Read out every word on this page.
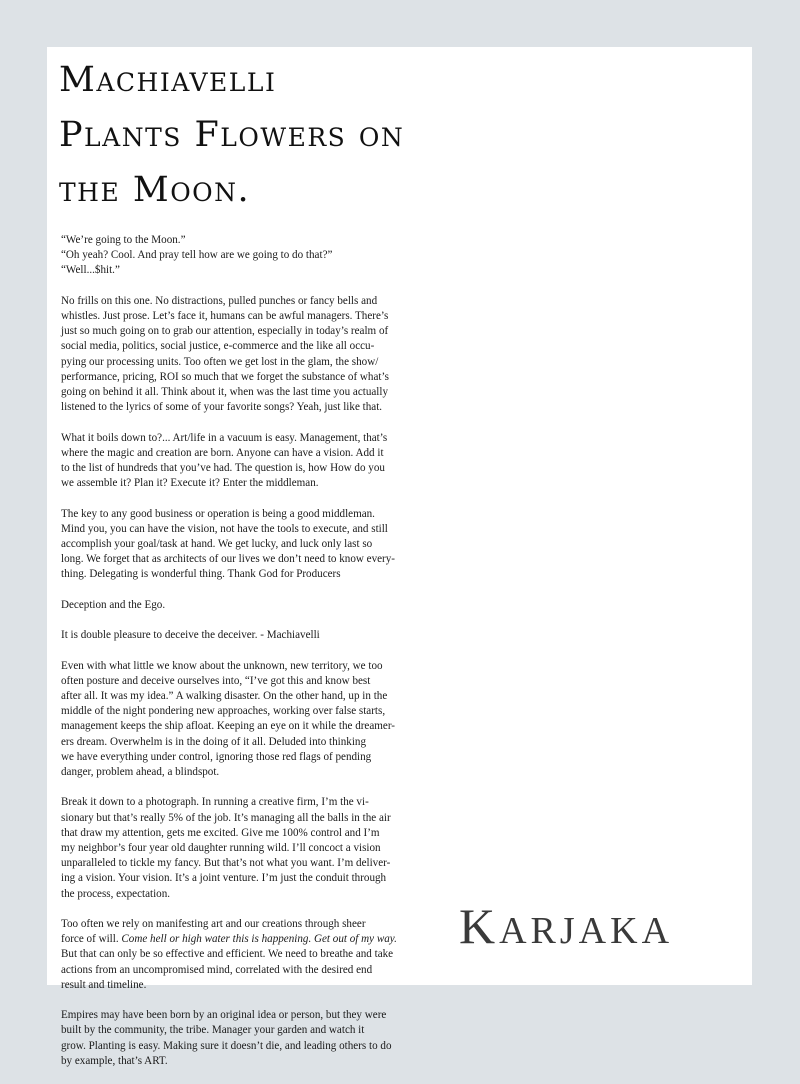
Machiavelli
Plants Flowers on
the Moon.

“We’re going to the Moon.”
“Oh yeah? Cool. And pray tell how are we going to do that?”
“Well...$hit.”

No frills on this one. No distractions, pulled punches or fancy bells and
whistles. Just prose. Let’s face it, humans can be awful managers. There’s
just so much going on to grab our attention, especially in today’s realm of
social media, politics, social justice, e-commerce and the like all occu-
pying our processing units. Too often we get lost in the glam, the show/
performance, pricing, ROI so much that we forget the substance of what’s
going on behind it all. Think about it, when was the last time you actually
listened to the lyrics of some of your favorite songs? Yeah, just like that.

What it boils down to?... Art/life in a vacuum is easy. Management, that’s
where the magic and creation are born. Anyone can have a vision. Add it
to the list of hundreds that you’ve had. The question is, how How do you
we assemble it? Plan it? Execute it? Enter the middleman.

The key to any good business or operation is being a good middleman.
Mind you, you can have the vision, not have the tools to execute, and still
accomplish your goal/task at hand. We get lucky, and luck only last so
long. We forget that as architects of our lives we don’t need to know every-
thing. Delegating is wonderful thing. Thank God for Producers

Deception and the Ego.

It is double pleasure to deceive the deceiver. - Machiavelli

Even with what little we know about the unknown, new territory, we too
often posture and deceive ourselves into, “I’ve got this and know best
after all. It was my idea.” A walking disaster. On the other hand, up in the
middle of the night pondering new approaches, working over false starts,
management keeps the ship afloat. Keeping an eye on it while the dreamer-
ers dream. Overwhelm is in the doing of it all. Deluded into thinking
we have everything under control, ignoring those red flags of pending
danger, problem ahead, a blindspot.

Break it down to a photograph. In running a creative firm, I’m the vi-
sionary but that’s really 5% of the job. It’s managing all the balls in the air
that draw my attention, gets me excited. Give me 100% control and I’m
my neighbor’s four year old daughter running wild. I’ll concoct a vision
unparalleled to tickle my fancy. But that’s not what you want. I’m deliver-
ing a vision. Your vision. It’s a joint venture. I’m just the conduit through
the process, expectation.

Too often we rely on manifesting art and our creations through sheer
force of will. Come hell or high water this is happening. Get out of my way.
But that can only be so effective and efficient. We need to breathe and take
actions from an uncompromised mind, correlated with the desired end
result and timeline.

Empires may have been born by an original idea or person, but they were
built by the community, the tribe. Manager your garden and watch it
grow. Planting is easy. Making sure it doesn’t die, and leading others to do
by example, that’s ART.

KARJAKA
